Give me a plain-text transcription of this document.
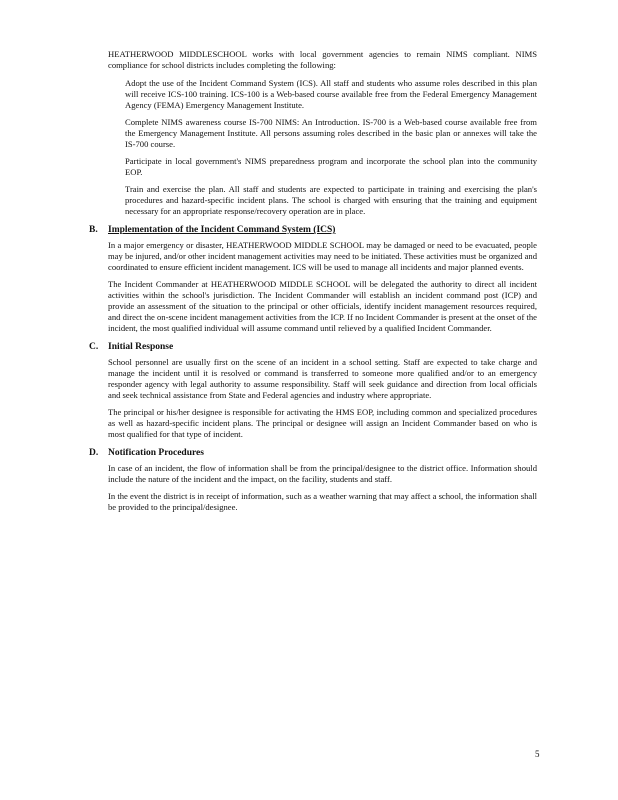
HEATHERWOOD MIDDLESCHOOL works with local government agencies to remain NIMS compliant. NIMS compliance for school districts includes completing the following:

Adopt the use of the Incident Command System (ICS). All staff and students who assume roles described in this plan will receive ICS-100 training. ICS-100 is a Web-based course available free from the Federal Emergency Management Agency (FEMA) Emergency Management Institute.
Complete NIMS awareness course IS-700 NIMS: An Introduction. IS-700 is a Web-based course available free from the Emergency Management Institute. All persons assuming roles described in the basic plan or annexes will take the IS-700 course.
Participate in local government's NIMS preparedness program and incorporate the school plan into the community EOP.
Train and exercise the plan. All staff and students are expected to participate in training and exercising the plan's procedures and hazard-specific incident plans. The school is charged with ensuring that the training and equipment necessary for an appropriate response/recovery operation are in place.
B. Implementation of the Incident Command System (ICS)

In a major emergency or disaster, HEATHERWOOD MIDDLE SCHOOL may be damaged or need to be evacuated, people may be injured, and/or other incident management activities may need to be initiated. These activities must be organized and coordinated to ensure efficient incident management. ICS will be used to manage all incidents and major planned events.

The Incident Commander at HEATHERWOOD MIDDLE SCHOOL will be delegated the authority to direct all incident activities within the school's jurisdiction. The Incident Commander will establish an incident command post (ICP) and provide an assessment of the situation to the principal or other officials, identify incident management resources required, and direct the on-scene incident management activities from the ICP. If no Incident Commander is present at the onset of the incident, the most qualified individual will assume command until relieved by a qualified Incident Commander.

C. Initial Response

School personnel are usually first on the scene of an incident in a school setting. Staff are expected to take charge and manage the incident until it is resolved or command is transferred to someone more qualified and/or to an emergency responder agency with legal authority to assume responsibility. Staff will seek guidance and direction from local officials and seek technical assistance from State and Federal agencies and industry where appropriate.

The principal or his/her designee is responsible for activating the HMS EOP, including common and specialized procedures as well as hazard-specific incident plans. The principal or designee will assign an Incident Commander based on who is most qualified for that type of incident.

D. Notification Procedures

In case of an incident, the flow of information shall be from the principal/designee to the district office. Information should include the nature of the incident and the impact, on the facility, students and staff.

In the event the district is in receipt of information, such as a weather warning that may affect a school, the information shall be provided to the principal/designee.

5
